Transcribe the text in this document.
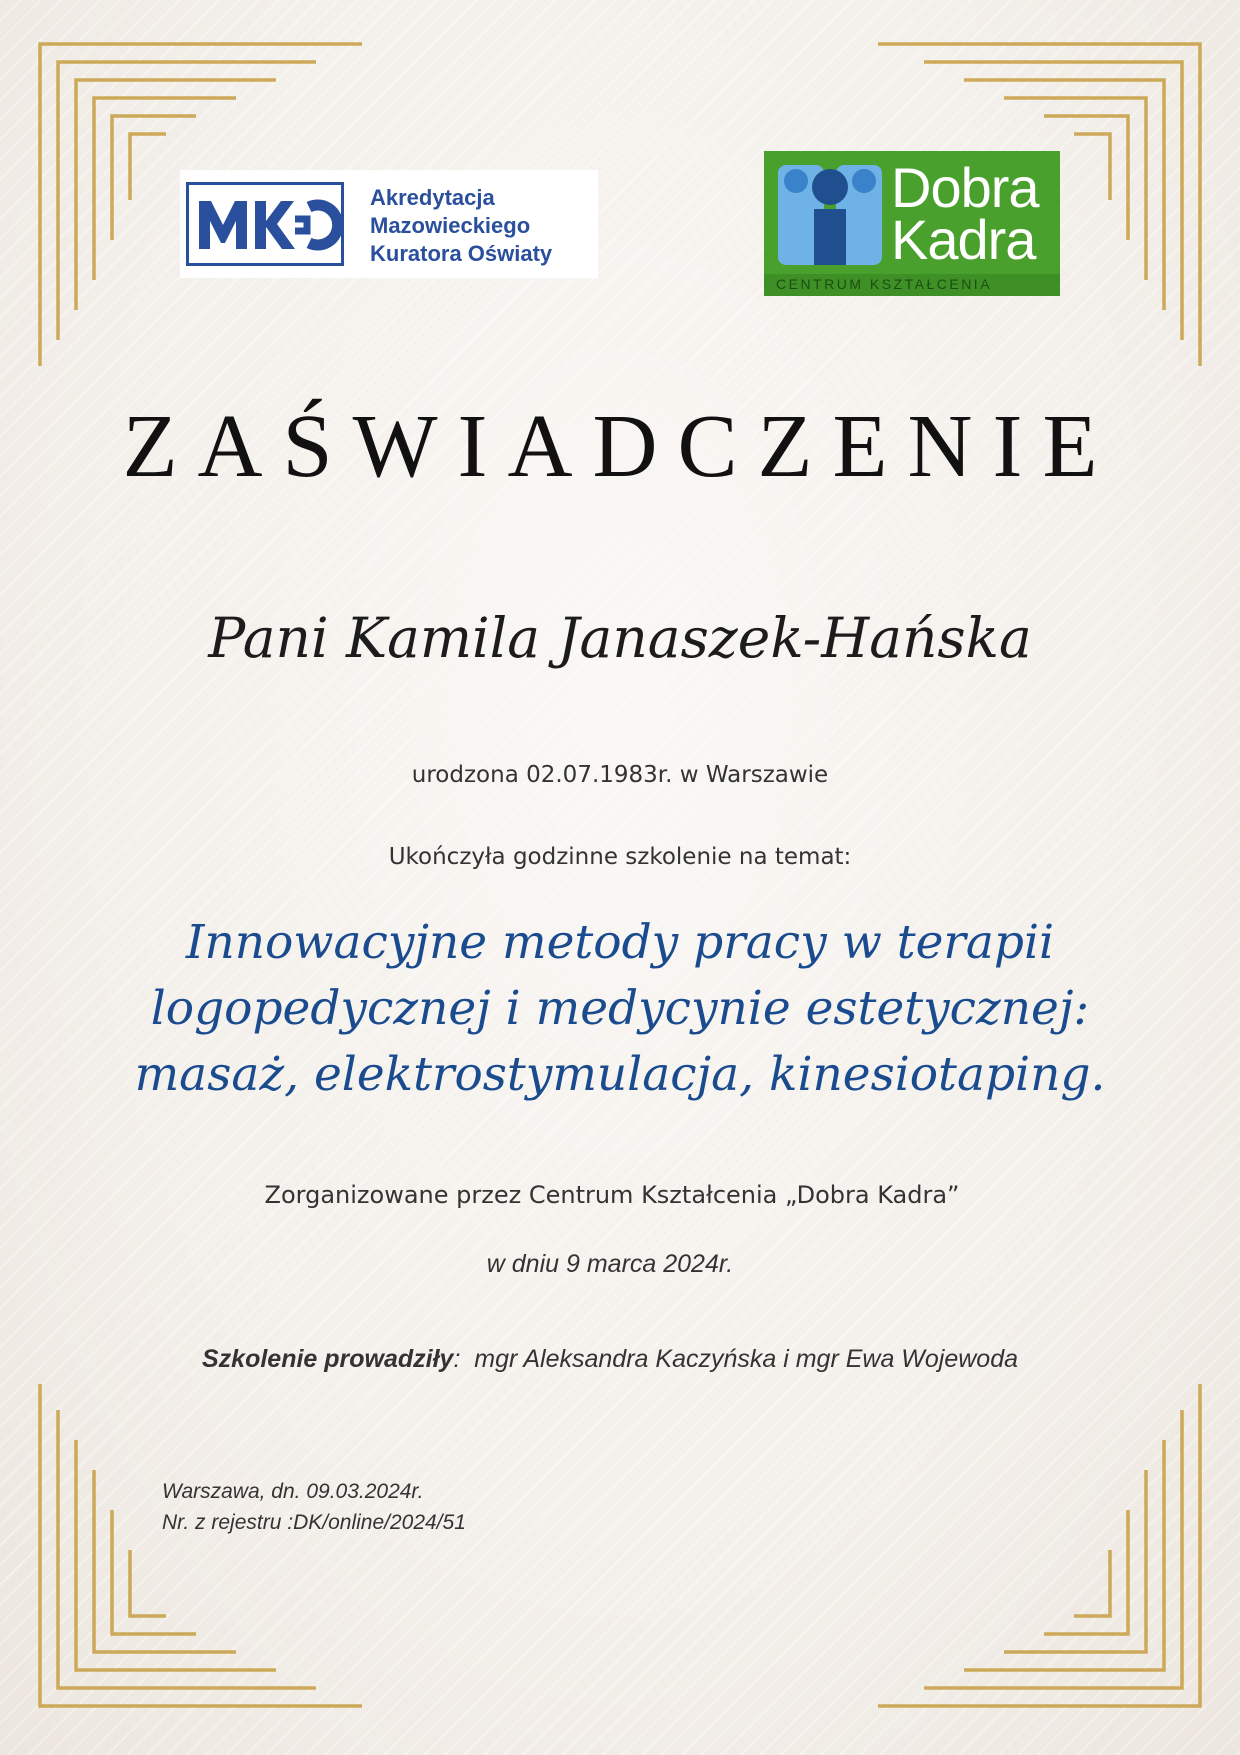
Akredytacja
Mazowieckiego
Kuratora Oświaty
Dobra
Kadra
CENTRUM KSZTAŁCENIA
ZAŚWIADCZENIE
Pani Kamila Janaszek-Hańska
urodzona 02.07.1983r. w Warszawie
Ukończyła godzinne szkolenie na temat:
Innowacyjne metody pracy w terapii
logopedycznej i medycynie estetycznej:
masaż, elektrostymulacja, kinesiotaping.
Zorganizowane przez Centrum Kształcenia „Dobra Kadra”
w dniu 9 marca 2024r.
Szkolenie prowadziły:  mgr Aleksandra Kaczyńska i mgr Ewa Wojewoda
Warszawa, dn. 09.03.2024r.
Nr. z rejestru :DK/online/2024/51
